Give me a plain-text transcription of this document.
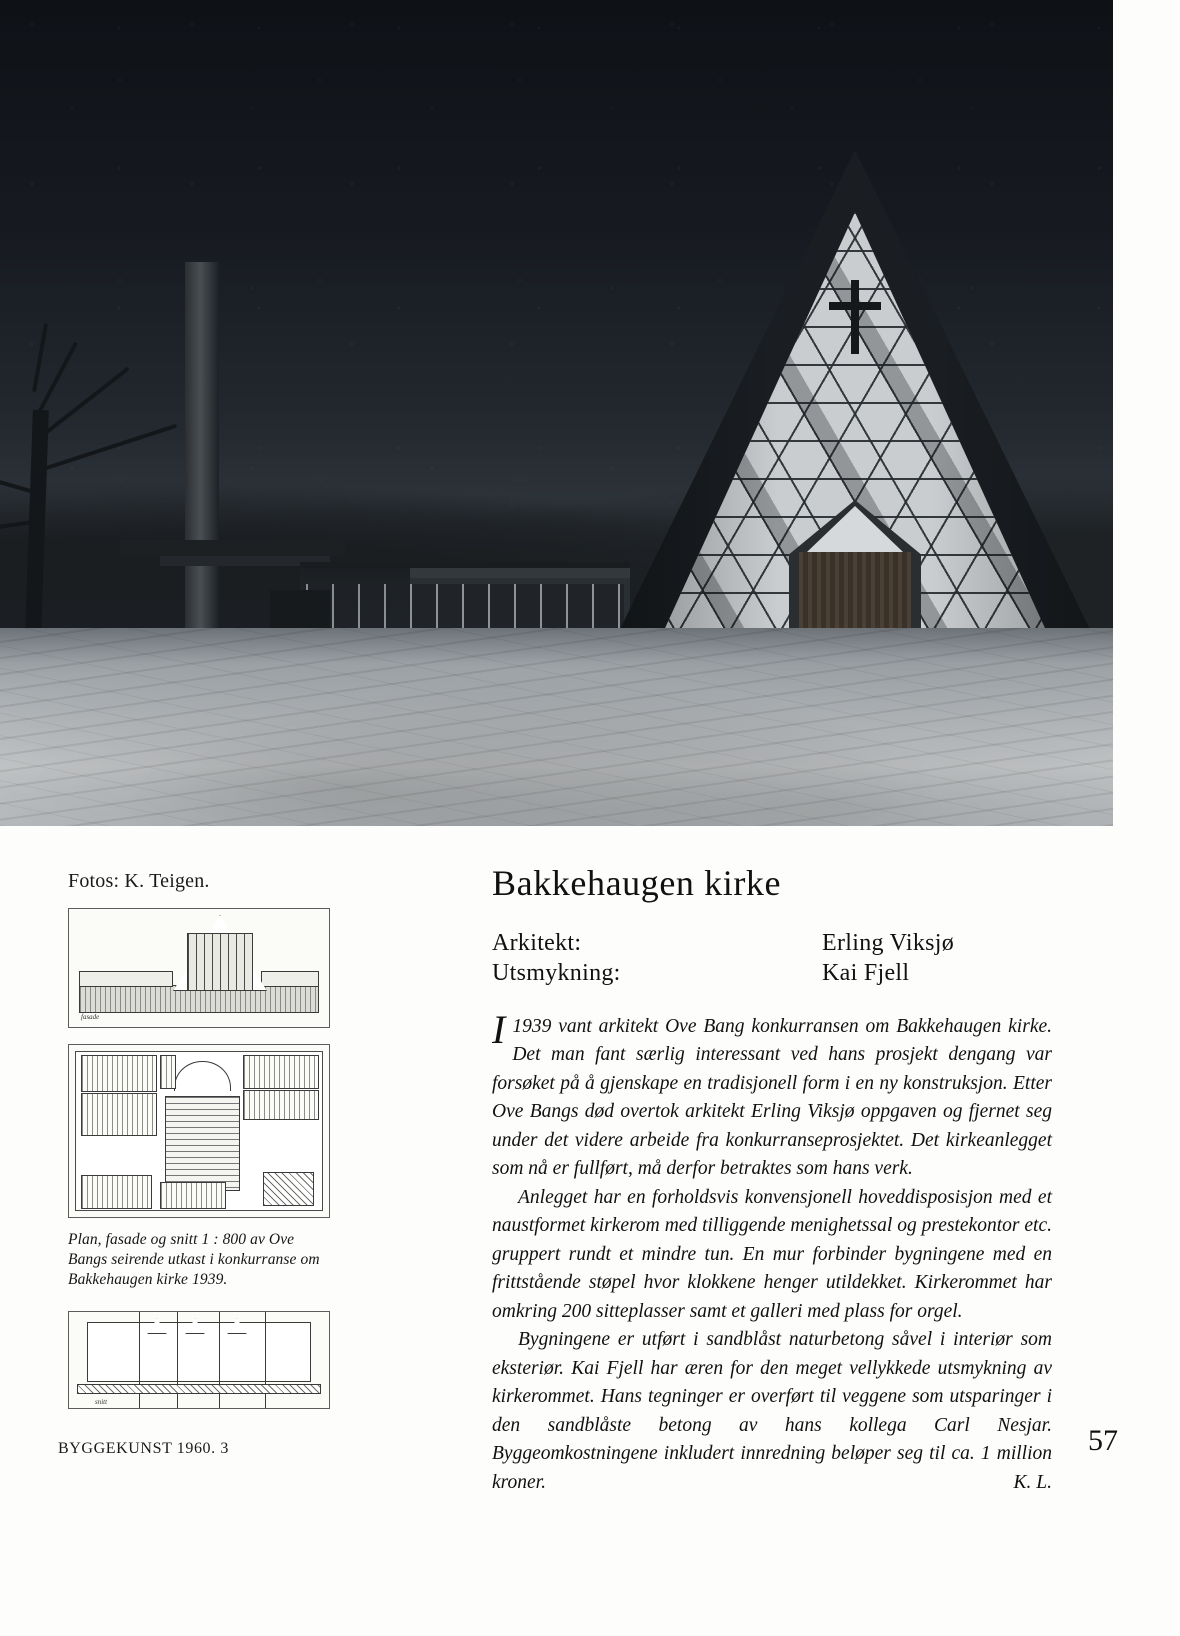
Fotos: K. Teigen.
fasade
Plan, fasade og snitt 1 : 800 av Ove Bangs seirende utkast i konkurranse om Bakkehaugen kirke 1939.
snitt
Bakkehaugen kirke
Arkitekt:	Erling Viksjø
Utsmykning:	Kai Fjell

I 1939 vant arkitekt Ove Bang konkurransen om Bakkehaugen kirke. Det man fant særlig interessant ved hans prosjekt dengang var forsøket på å gjenskape en tradisjonell form i en ny konstruksjon. Etter Ove Bangs død overtok arkitekt Erling Viksjø oppgaven og fjernet seg under det videre arbeide fra konkurranseprosjektet. Det kirkeanlegget som nå er fullført, må derfor betraktes som hans verk.

Anlegget har en forholdsvis konvensjonell hoveddisposisjon med et naustformet kirkerom med tilliggende menighetssal og prestekontor etc. gruppert rundt et mindre tun. En mur forbinder bygningene med en frittstående støpel hvor klokkene henger utildekket. Kirkerommet har omkring 200 sitteplasser samt et galleri med plass for orgel.

Bygningene er utført i sandblåst naturbetong såvel i interiør som eksteriør. Kai Fjell har æren for den meget vellykkede utsmykning av kirkerommet. Hans tegninger er overført til veggene som utsparinger i den sandblåste betong av hans kollega Carl Nesjar. Byggeomkostningene inkludert innredning beløper seg til ca. 1 million kroner.	K. L.

BYGGEKUNST 1960. 3	57
